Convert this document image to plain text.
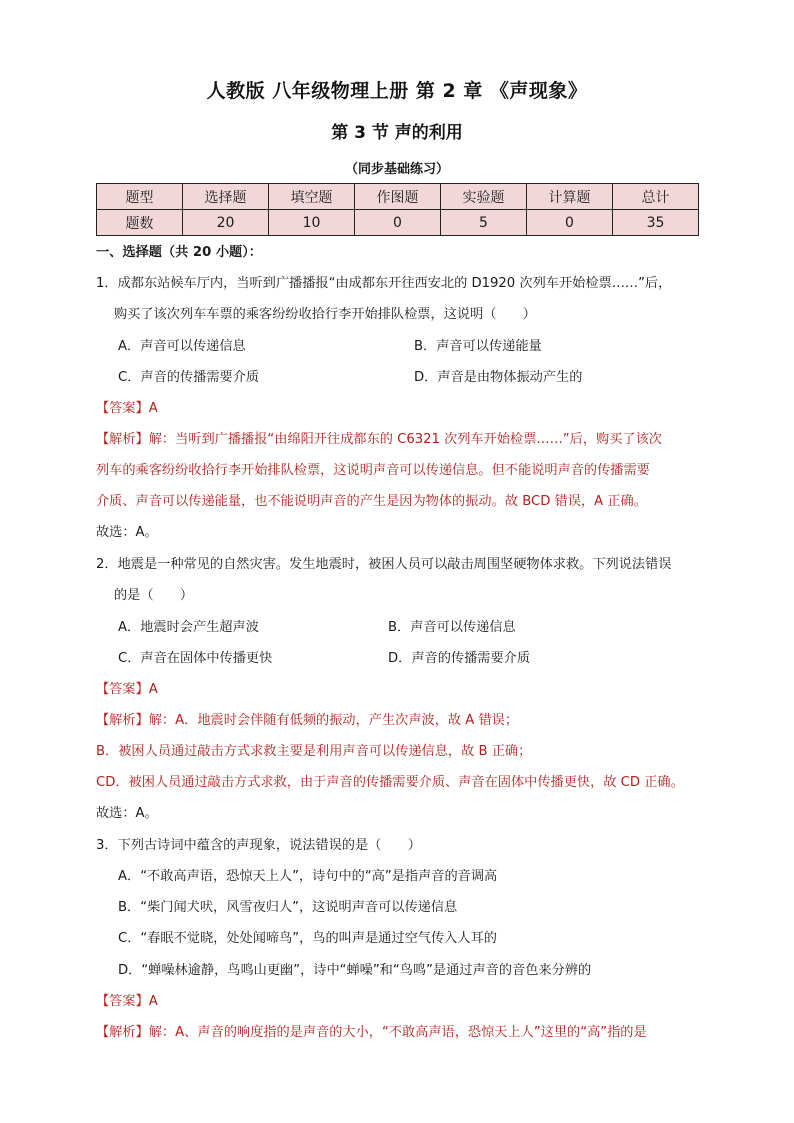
人教版 八年级物理上册 第 2 章 《声现象》
第 3 节 声的利用
（同步基础练习）
题型	选择题	填空题	作图题	实验题	计算题	总计
题数	20	10	0	5	0	35
一、选择题（共 20 小题）：
1．成都东站候车厅内，当听到广播播报“由成都东开往西安北的 D1920 次列车开始检票……”后，
购买了该次列车车票的乘客纷纷收拾行李开始排队检票，这说明（　　）
A．声音可以传递信息	B．声音可以传递能量
C．声音的传播需要介质	D．声音是由物体振动产生的
【答案】A
【解析】解：当听到广播播报“由绵阳开往成都东的 C6321 次列车开始检票……”后，购买了该次
列车的乘客纷纷收拾行李开始排队检票，这说明声音可以传递信息。但不能说明声音的传播需要
介质、声音可以传递能量，也不能说明声音的产生是因为物体的振动。故 BCD 错误，A 正确。
故选：A。
2．地震是一种常见的自然灾害。发生地震时，被困人员可以敲击周围坚硬物体求救。下列说法错误
的是（　　）
A．地震时会产生超声波	B．声音可以传递信息
C．声音在固体中传播更快	D．声音的传播需要介质
【答案】A
【解析】解：A．地震时会伴随有低频的振动，产生次声波，故 A 错误；
B．被困人员通过敲击方式求救主要是利用声音可以传递信息，故 B 正确；
CD．被困人员通过敲击方式求救，由于声音的传播需要介质、声音在固体中传播更快，故 CD 正确。
故选：A。
3．下列古诗词中蕴含的声现象，说法错误的是（　　）
A．“不敢高声语，恐惊天上人”，诗句中的“高”是指声音的音调高
B．“柴门闻犬吠，风雪夜归人”，这说明声音可以传递信息
C．“春眠不觉晓，处处闻啼鸟”，鸟的叫声是通过空气传入人耳的
D．“蝉噪林逾静，鸟鸣山更幽”，诗中“蝉噪”和“鸟鸣”是通过声音的音色来分辨的
【答案】A
【解析】解：A、声音的响度指的是声音的大小，“不敢高声语，恐惊天上人”这里的“高”指的是
